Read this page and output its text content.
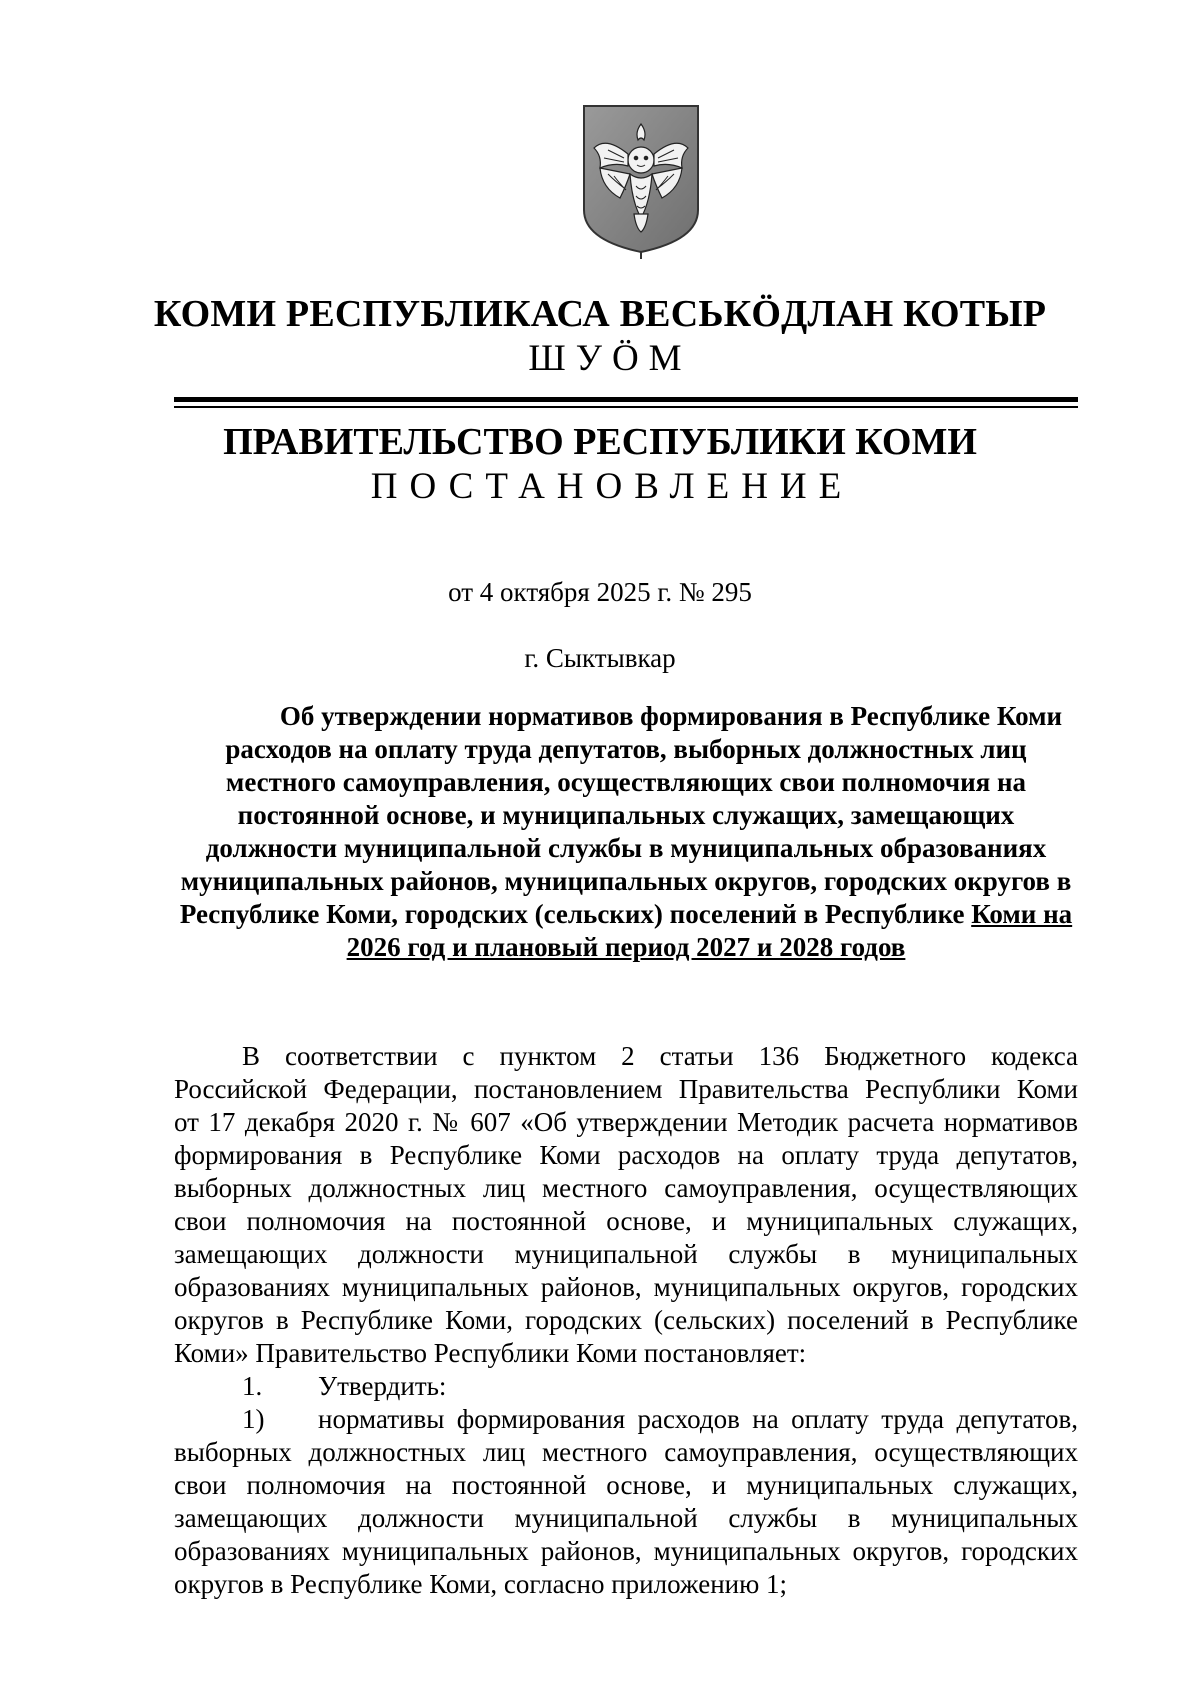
КОМИ РЕСПУБЛИКАСА ВЕСЬКӦДЛАН КОТЫР
ШУӦМ
ПРАВИТЕЛЬСТВО РЕСПУБЛИКИ КОМИ
ПОСТАНОВЛЕНИЕ
от 4 октября 2025 г. № 295
г. Сыктывкар
Об утверждении нормативов формирования в Республике Коми
расходов на оплату труда депутатов, выборных должностных лиц
местного самоуправления, осуществляющих свои полномочия на
постоянной основе, и муниципальных служащих, замещающих
должности муниципальной службы в муниципальных образованиях
муниципальных районов, муниципальных округов, городских округов в
Республике Коми, городских (сельских) поселений в Республике Коми на
2026 год и плановый период 2027 и 2028 годов
В соответствии с пунктом 2 статьи 136 Бюджетного кодекса
Российской Федерации, постановлением Правительства Республики Коми
от 17 декабря 2020 г. № 607 «Об утверждении Методик расчета нормативов
формирования в Республике Коми расходов на оплату труда депутатов,
выборных должностных лиц местного самоуправления, осуществляющих
свои полномочия на постоянной основе, и муниципальных служащих,
замещающих должности муниципальной службы в муниципальных
образованиях муниципальных районов, муниципальных округов, городских
округов в Республике Коми, городских (сельских) поселений в Республике
Коми» Правительство Республики Коми постановляет:
1. Утвердить:
1) нормативы формирования расходов на оплату труда депутатов,
выборных должностных лиц местного самоуправления, осуществляющих
свои полномочия на постоянной основе, и муниципальных служащих,
замещающих должности муниципальной службы в муниципальных
образованиях муниципальных районов, муниципальных округов, городских
округов в Республике Коми, согласно приложению 1;
